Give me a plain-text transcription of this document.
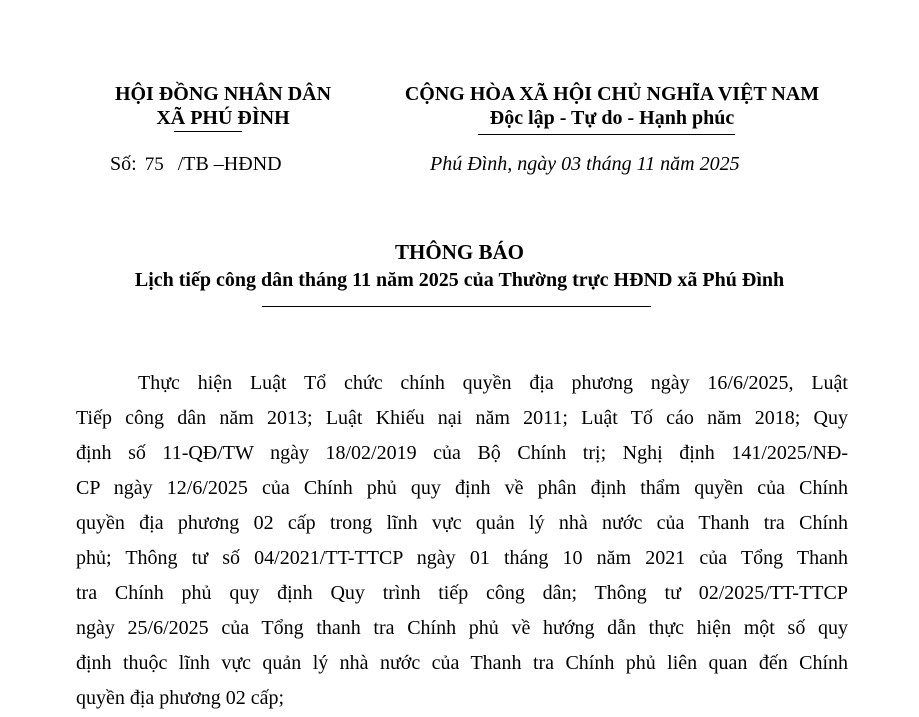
HỘI ĐỒNG NHÂN DÂN
XÃ PHÚ ĐÌNH
CỘNG HÒA XÃ HỘI CHỦ NGHĨA VIỆT NAM
Độc lập - Tự do - Hạnh phúc
Số: 75 /TB –HĐND	Phú Đình, ngày 03 tháng 11 năm 2025
THÔNG BÁO
Lịch tiếp công dân tháng 11 năm 2025 của Thường trực HĐND xã Phú Đình
Thực hiện Luật Tổ chức chính quyền địa phương ngày 16/6/2025, Luật
Tiếp công dân năm 2013; Luật Khiếu nại năm 2011; Luật Tố cáo năm 2018; Quy
định số 11-QĐ/TW ngày 18/02/2019 của Bộ Chính trị; Nghị định 141/2025/NĐ-
CP ngày 12/6/2025 của Chính phủ quy định về phân định thẩm quyền của Chính
quyền địa phương 02 cấp trong lĩnh vực quản lý nhà nước của Thanh tra Chính
phủ; Thông tư số 04/2021/TT-TTCP ngày 01 tháng 10 năm 2021 của Tổng Thanh
tra Chính phủ quy định Quy trình tiếp công dân; Thông tư 02/2025/TT-TTCP
ngày 25/6/2025 của Tổng thanh tra Chính phủ về hướng dẫn thực hiện một số quy
định thuộc lĩnh vực quản lý nhà nước của Thanh tra Chính phủ liên quan đến Chính
quyền địa phương 02 cấp;
